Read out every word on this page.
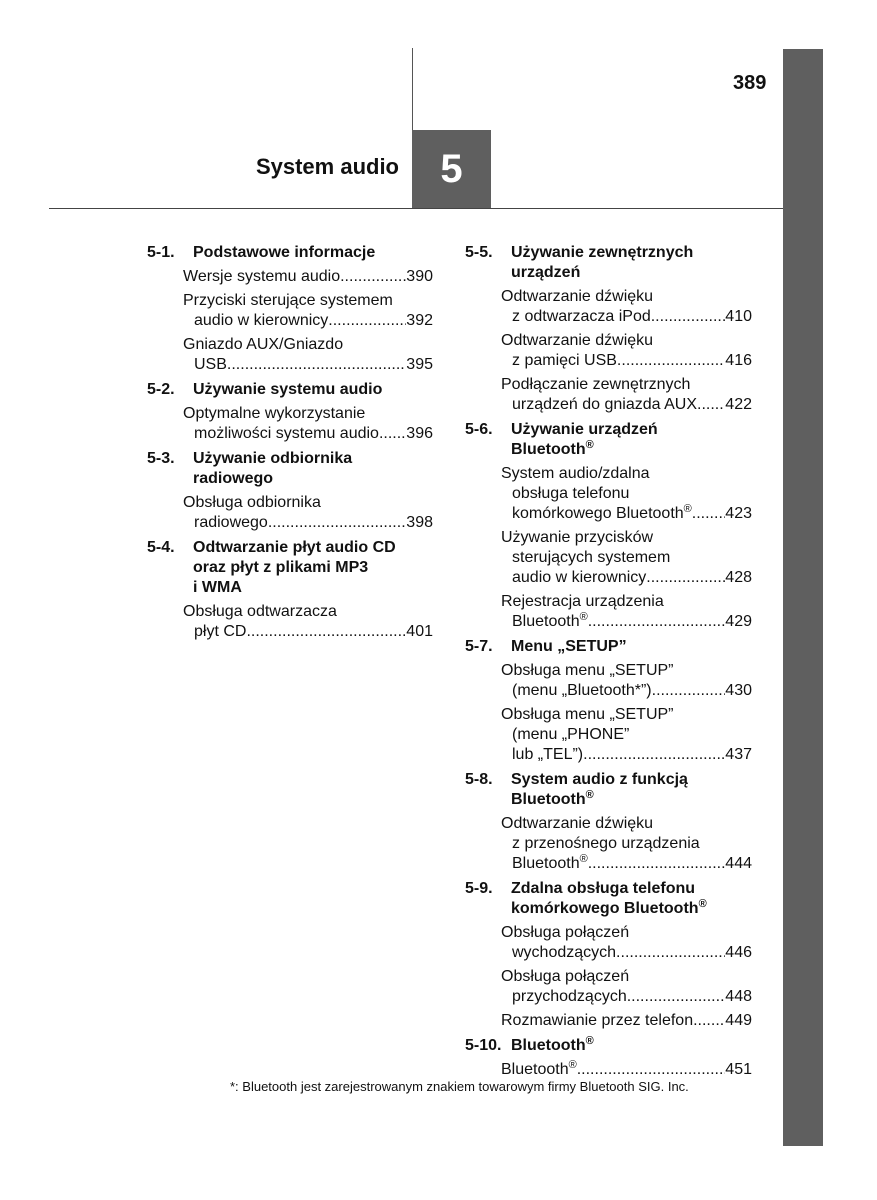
389
System audio 5
5-1. Podstawowe informacje
Wersje systemu audio .....	390
Przyciski sterujące systemem
audio w kierownicy .....	392
Gniazdo AUX/Gniazdo
USB .....	395
5-2. Używanie systemu audio
Optymalne wykorzystanie
możliwości systemu audio ..... 396
5-3. Używanie odbiornika
radiowego
Obsługa odbiornika
radiowego .....	398
5-4. Odtwarzanie płyt audio CD
oraz płyt z plikami MP3
i WMA
Obsługa odtwarzacza
płyt CD .....	401
5-5. Używanie zewnętrznych
urządzeń
Odtwarzanie dźwięku
z odtwarzacza iPod .....	410
Odtwarzanie dźwięku
z pamięci USB .....	416
Podłączanie zewnętrznych
urządzeń do gniazda AUX ..... 422
5-6. Używanie urządzeń
Bluetooth®
System audio/zdalna
obsługa telefonu
komórkowego Bluetooth® ..... 423
Używanie przycisków
sterujących systemem
audio w kierownicy .....	428
Rejestracja urządzenia
Bluetooth® .....	429
5-7. Menu „SETUP”
Obsługa menu „SETUP”
(menu „Bluetooth*”) .....	430
Obsługa menu „SETUP”
(menu „PHONE”
lub „TEL”) .....	437
5-8. System audio z funkcją
Bluetooth®
Odtwarzanie dźwięku
z przenośnego urządzenia
Bluetooth® .....	444
5-9. Zdalna obsługa telefonu
komórkowego Bluetooth®
Obsługa połączeń
wychodzących .....	446
Obsługa połączeń
przychodzących .....	448
Rozmawianie przez telefon ..... 449
5-10. Bluetooth®
Bluetooth® .....	451
*: Bluetooth jest zarejestrowanym znakiem towarowym firmy Bluetooth SIG. Inc.
